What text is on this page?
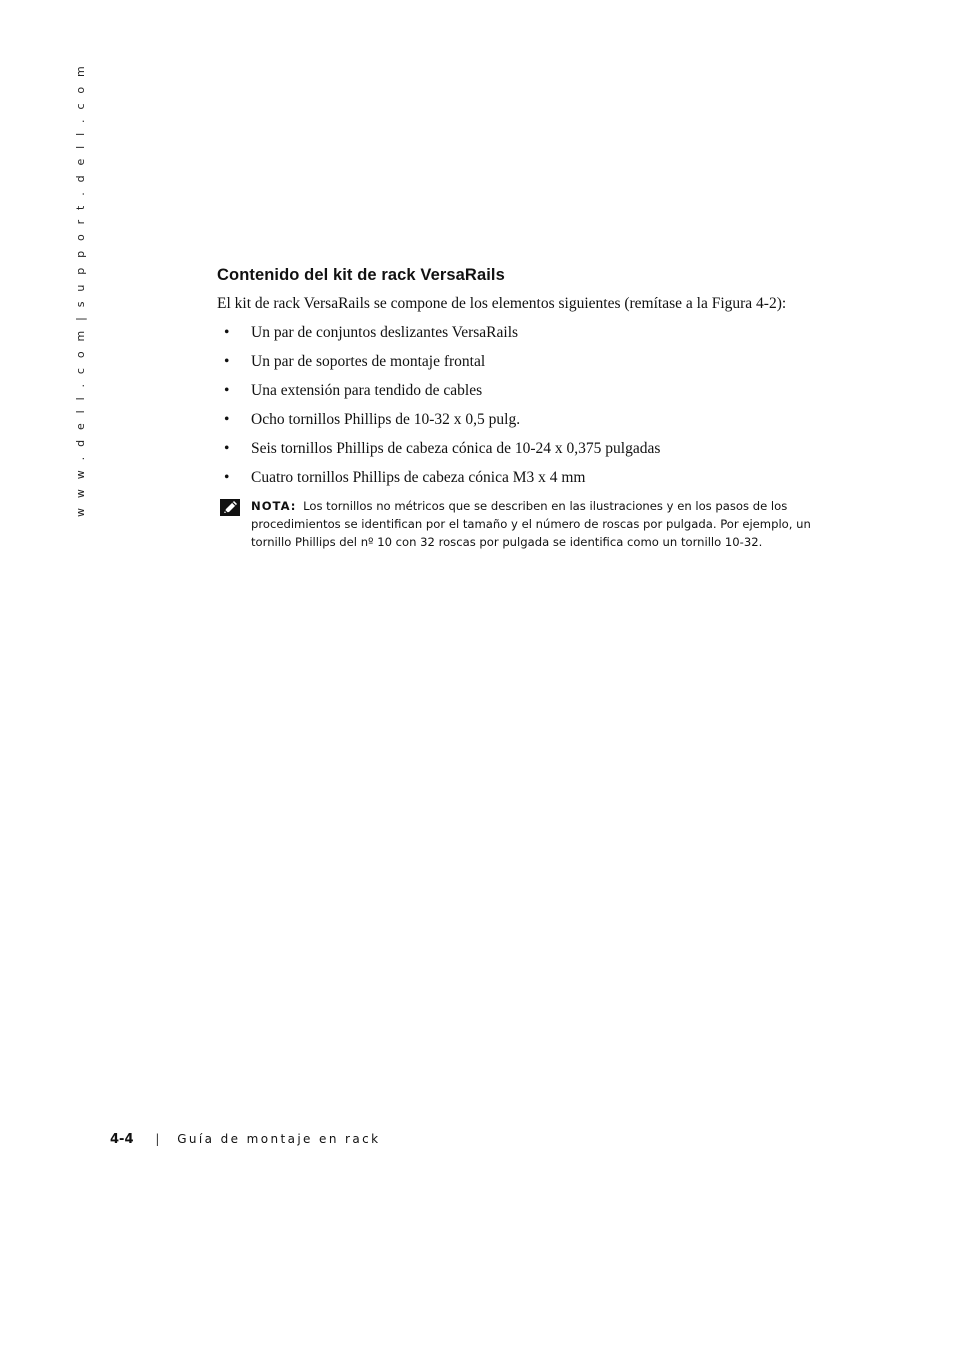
w w w . d e l l . c o m | s u p p o r t . d e l l . c o m	Contenido del kit de rack VersaRails

El kit de rack VersaRails se compone de los elementos siguientes (remítase a la Figura 4-2):

• Un par de conjuntos deslizantes VersaRails
• Un par de soportes de montaje frontal
• Una extensión para tendido de cables
• Ocho tornillos Phillips de 10-32 x 0,5 pulg.
• Seis tornillos Phillips de cabeza cónica de 10-24 x 0,375 pulgadas
• Cuatro tornillos Phillips de cabeza cónica M3 x 4 mm
NOTA: Los tornillos no métricos que se describen en las ilustraciones y en los pasos de los procedimientos se identifican por el tamaño y el número de roscas por pulgada. Por ejemplo, un tornillo Phillips del nº 10 con 32 roscas por pulgada se identifica como un tornillo 10-32.
4-4 | Guía de montaje en rack
